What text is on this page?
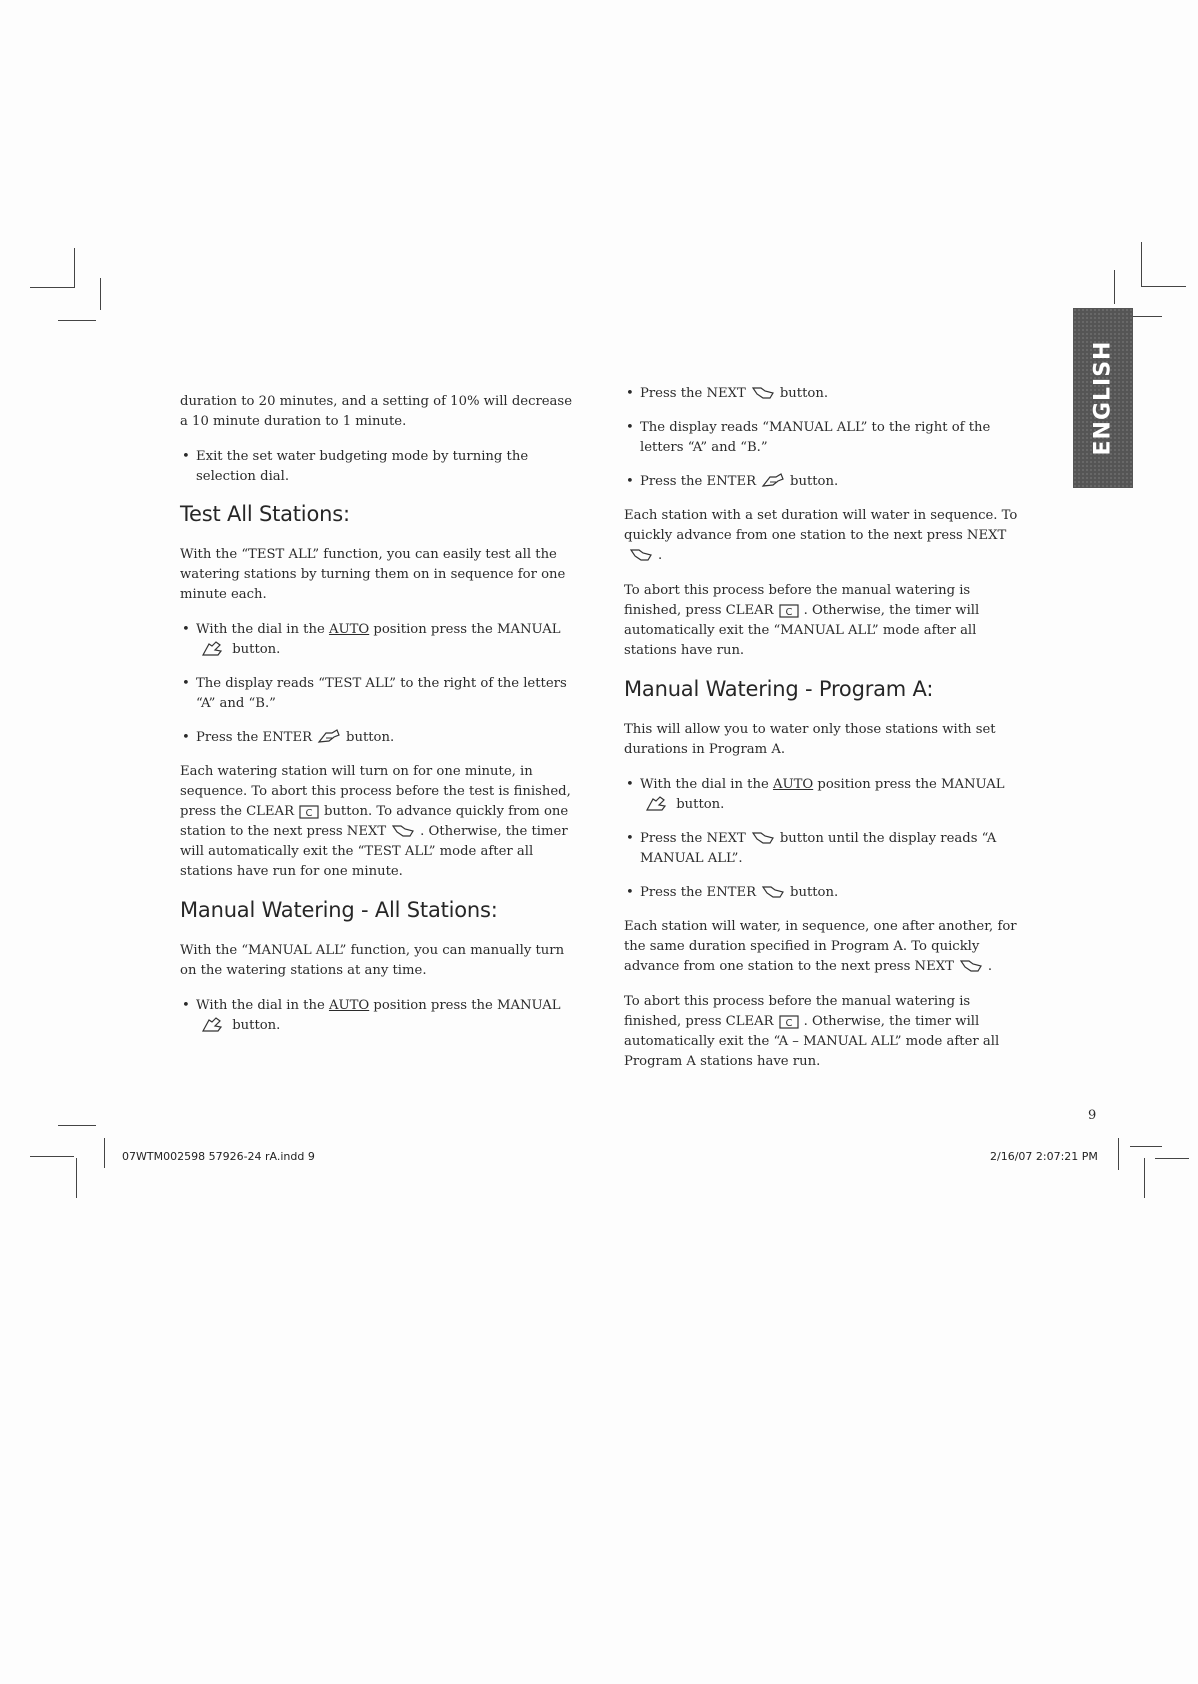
ENGLISH

duration to 20 minutes, and a setting of 10% will decrease a 10 minute duration to 1 minute.

• Exit the set water budgeting mode by turning the selection dial.
Test All Stations:

With the “TEST ALL” function, you can easily test all the watering stations by turning them on in sequence for one minute each.

• With the dial in the AUTO position press the MANUAL
button.
• The display reads “TEST ALL” to the right of the letters “A” and “B.”
• Press the ENTER	button.

Each watering station will turn on for one minute, in sequence. To abort this process before the test is finished, press the CLEAR C button. To advance quickly from one station to the next press NEXT	. Otherwise, the timer will automatically exit the “TEST ALL” mode after all stations have run for one minute.

Manual Watering - All Stations:

With the “MANUAL ALL” function, you can manually turn on the watering stations at any time.

• With the dial in the AUTO position press the MANUAL
button.
• Press the NEXT	button.
• The display reads “MANUAL ALL” to the right of the letters “A” and “B.”
• Press the ENTER	button.

Each station with a set duration will water in sequence. To quickly advance from one station to the next press NEXT
.

To abort this process before the manual watering is finished, press CLEAR C . Otherwise, the timer will automatically exit the “MANUAL ALL” mode after all stations have run.

Manual Watering - Program A:

This will allow you to water only those stations with set durations in Program A.

• With the dial in the AUTO position press the MANUAL
button.
• Press the NEXT	button until the display reads “A MANUAL ALL”.
• Press the ENTER	button.

Each station will water, in sequence, one after another, for the same duration specified in Program A. To quickly advance from one station to the next press NEXT	.

To abort this process before the manual watering is finished, press CLEAR C . Otherwise, the timer will automatically exit the “A – MANUAL ALL” mode after all Program A stations have run.

9
07WTM002598 57926-24 rA.indd 9	2/16/07 2:07:21 PM
